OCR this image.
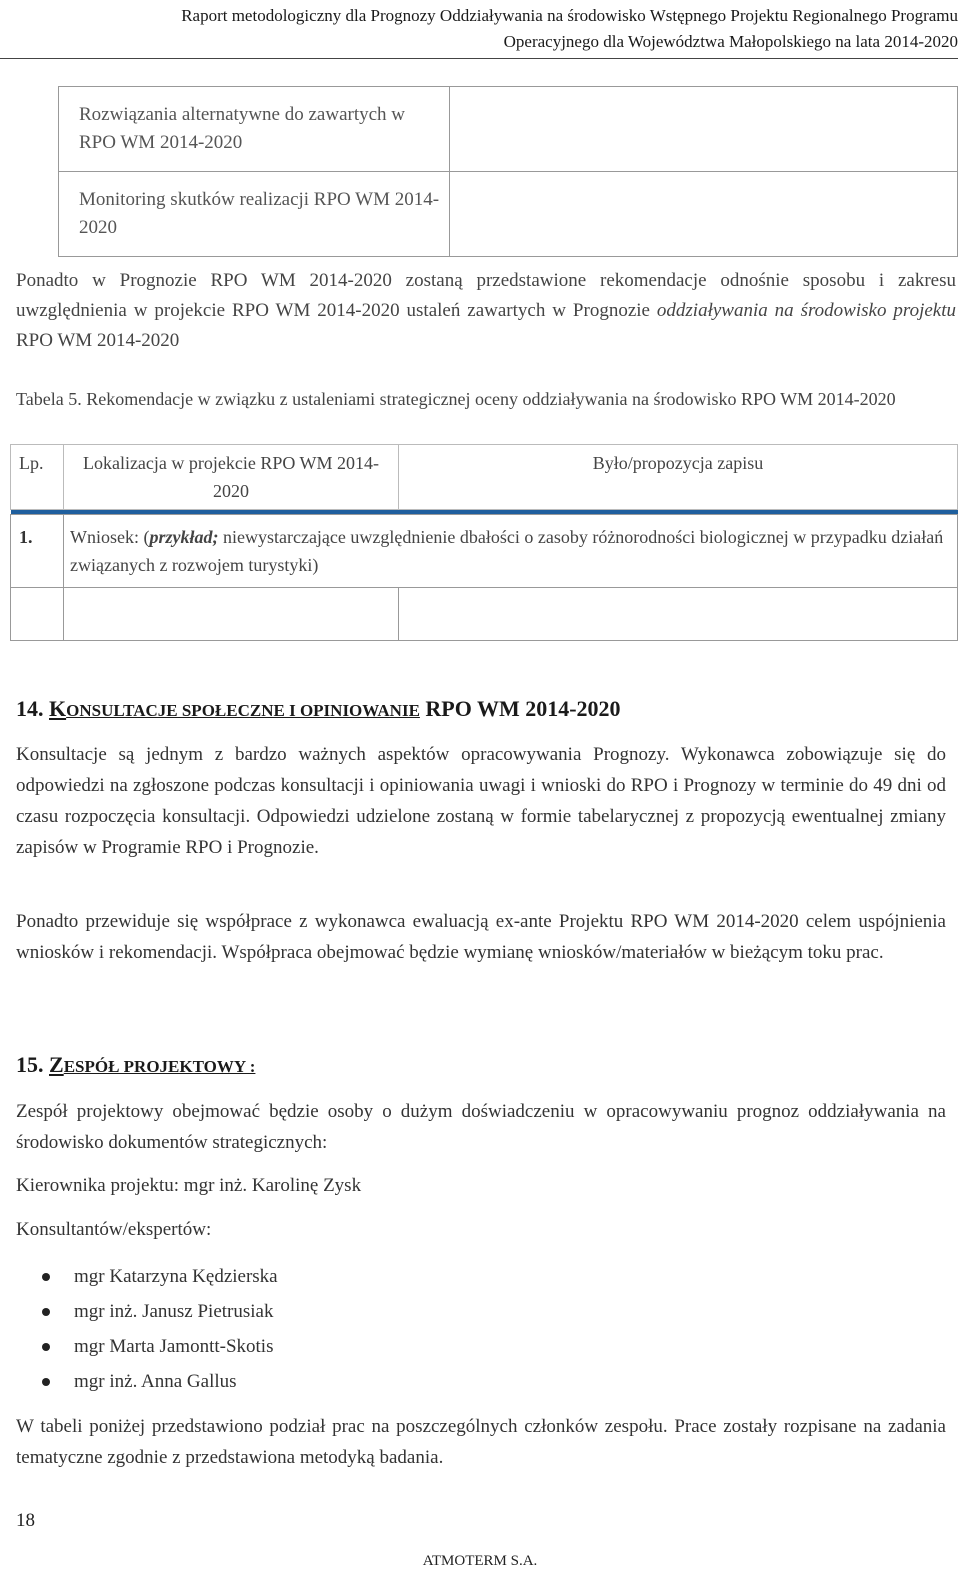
Raport metodologiczny dla Prognozy Oddziaływania na środowisko Wstępnego Projektu Regionalnego Programu
Operacyjnego dla Województwa Małopolskiego na lata 2014-2020
Rozwiązania alternatywne do zawartych w RPO WM 2014-2020	
Monitoring skutków realizacji RPO WM 2014-2020	
Ponadto w Prognozie RPO WM 2014-2020 zostaną przedstawione rekomendacje odnośnie sposobu i zakresu uwzględnienia w projekcie RPO WM 2014-2020 ustaleń zawartych w Prognozie oddziaływania na środowisko projektu RPO WM 2014-2020
Tabela 5. Rekomendacje w związku z ustaleniami strategicznej oceny oddziaływania na środowisko RPO WM 2014-2020
Lp.	Lokalizacja w projekcie RPO WM 2014-2020	Było/propozycja zapisu

1.	Wniosek: (przykład; niewystarczające uwzględnienie dbałości o zasoby różnorodności biologicznej w przypadku działań związanych z rozwojem turystyki)	

14. KONSULTACJE SPOŁECZNE I OPINIOWANIE RPO WM 2014-2020
Konsultacje są jednym z bardzo ważnych aspektów opracowywania Prognozy. Wykonawca zobowiązuje się do odpowiedzi na zgłoszone podczas konsultacji i opiniowania uwagi i wnioski do RPO i Prognozy w terminie do 49 dni od czasu rozpoczęcia konsultacji. Odpowiedzi udzielone zostaną w formie tabelarycznej z propozycją ewentualnej zmiany zapisów w Programie RPO i Prognozie.
Ponadto przewiduje się współprace z wykonawca ewaluacją ex-ante Projektu RPO WM 2014-2020 celem uspójnienia wniosków i rekomendacji. Współpraca obejmować będzie wymianę wniosków/materiałów w bieżącym toku prac.
15. ZESPÓŁ PROJEKTOWY :
Zespół projektowy obejmować będzie osoby o dużym doświadczeniu w opracowywaniu prognoz oddziaływania na środowisko dokumentów strategicznych:
Kierownika projektu: mgr inż. Karolinę Zysk
Konsultantów/ekspertów:
mgr Katarzyna Kędzierska
mgr inż. Janusz Pietrusiak
mgr Marta Jamontt-Skotis
mgr inż. Anna Gallus
W tabeli poniżej przedstawiono podział prac na poszczególnych członków zespołu. Prace zostały rozpisane na zadania tematyczne zgodnie z przedstawiona metodyką badania.
18
ATMOTERM S.A.
